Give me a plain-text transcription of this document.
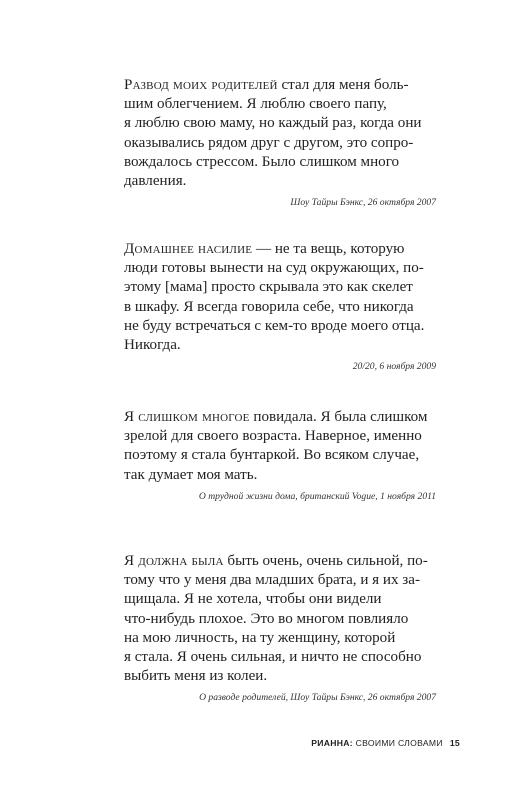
Развод моих родителей стал для меня боль-
шим облегчением. Я люблю своего папу,
я люблю свою маму, но каждый раз, когда они
оказывались рядом друг с другом, это сопро-
вождалось стрессом. Было слишком много
давления.

Шоу Тайры Бэнкс, 26 октября 2007

Домашнее насилие — не та вещь, которую
люди готовы вынести на суд окружающих, по-
этому [мама] просто скрывала это как скелет
в шкафу. Я всегда говорила себе, что никогда
не буду встречаться с кем-то вроде моего отца.
Никогда.

20/20, 6 ноября 2009

Я слишком многое повидала. Я была слишком
зрелой для своего возраста. Наверное, именно
поэтому я стала бунтаркой. Во всяком случае,
так думает моя мать.

О трудной жизни дома, британский Vogue, 1 ноября 2011

Я должна была быть очень, очень сильной, по-
тому что у меня два младших брата, и я их за-
щищала. Я не хотела, чтобы они видели
что-нибудь плохое. Это во многом повлияло
на мою личность, на ту женщину, которой
я стала. Я очень сильная, и ничто не способно
выбить меня из колеи.

О разводе родителей, Шоу Тайры Бэнкс, 26 октября 2007
РИАННА: СВОИМИ СЛОВАМИ 15
